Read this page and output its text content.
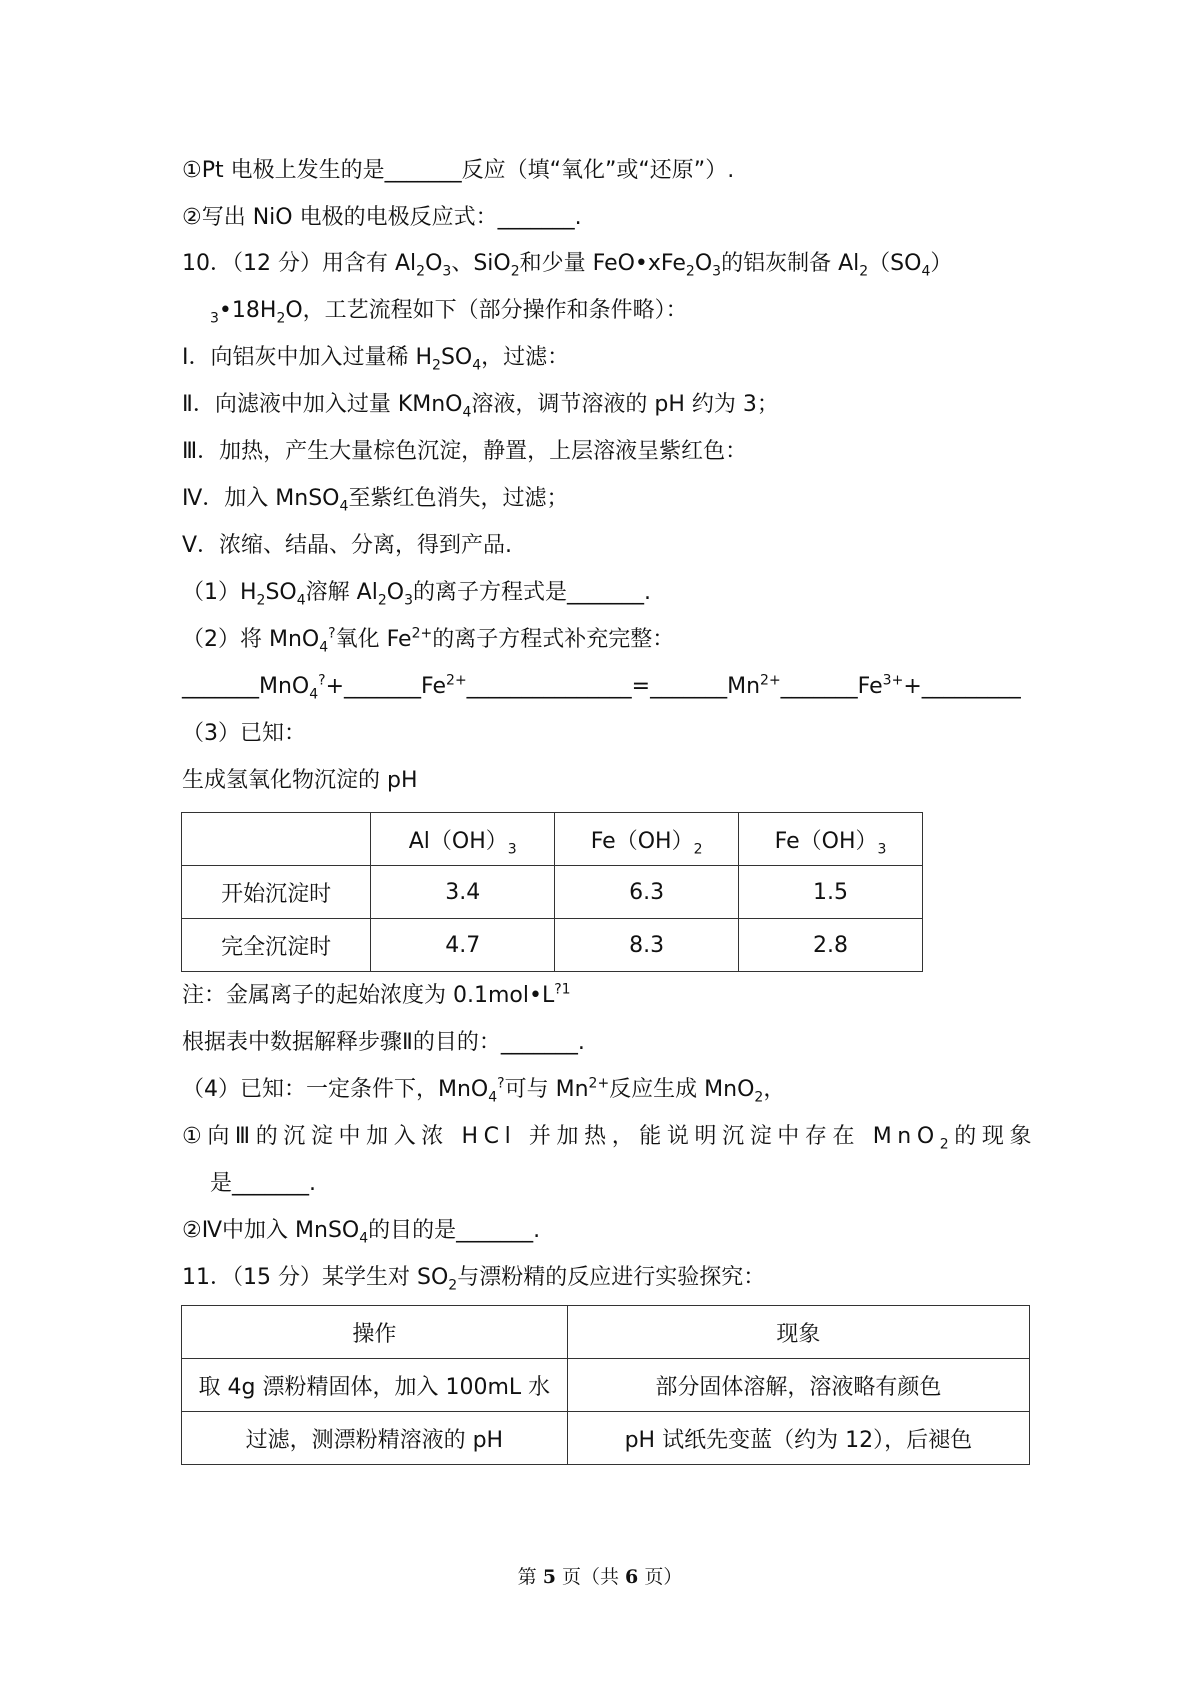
①Pt 电极上发生的是_______反应（填“氧化”或“还原”）.
②写出 NiO 电极的电极反应式：_______.
10．（12 分）用含有 $Al_2O_3$、SiO$_2$和少量 $FeO•xFe_2O_3$的铝灰制备 $Al_2(SO_4)$
$_3•18H_2O$，工艺流程如下（部分操作和条件略）：
Ⅰ．向铝灰中加入过量稀 $H_2SO_4$，过滤：
Ⅱ．向滤液中加入过量 KMnO$_4$溶液，调节溶液的 pH 约为 3；
Ⅲ．加热，产生大量棕色沉淀，静置，上层溶液呈紫红色：
Ⅳ．加入 MnSO$_4$至紫红色消失，过滤；
Ⅴ．浓缩、结晶、分离，得到产品.
$(1)H_2SO_4$溶解 $Al_2O_3$的离子方程式是_______.
（2）将 MnO$_4$?氧化 $Fe^{2+}$的离子方程式补充完整：
$\_\_\_\_\_\_\_MnO_4^?+\_\_\_\_\_\_\_Fe^{2+}\_\_\_\_\_\_\_\_\_\_\_\_\_\_\_=\_\_\_\_\_\_\_Mn^{2+}\_\_\_\_\_\_\_Fe^{3+}+\_\_\_\_\_\_\_\_\_$
（3）已知：
生成氢氧化物沉淀的 pH
	$Al(OH)_3$	$Fe(OH)_2$	$Fe(OH)_3$
开始沉淀时	3.4	6.3	1.5
完全沉淀时	4.7	8.3	2.8
注：金属离子的起始浓度为 $0.1mol•L^{?1}$
根据表中数据解释步骤Ⅱ的目的：_______.
（4）已知：一定条件下，MnO$_4$?可与 $Mn^{2+}$反应生成 MnO$_2$，
①向Ⅲ的沉淀中加入浓 HCl 并加热，能说明沉淀中存在 MnO$_2$的现象
是_______.
②Ⅳ中加入 MnSO$_4$的目的是_______.
11．（15 分）某学生对 $SO_2$与漂粉精的反应进行实验探究：
操作	现象
取 4g 漂粉精固体，加入 100mL 水	部分固体溶解，溶液略有颜色
过滤，测漂粉精溶液的 pH	pH 试纸先变蓝（约为 12），后褪色
第 5 页（共 6 页）
